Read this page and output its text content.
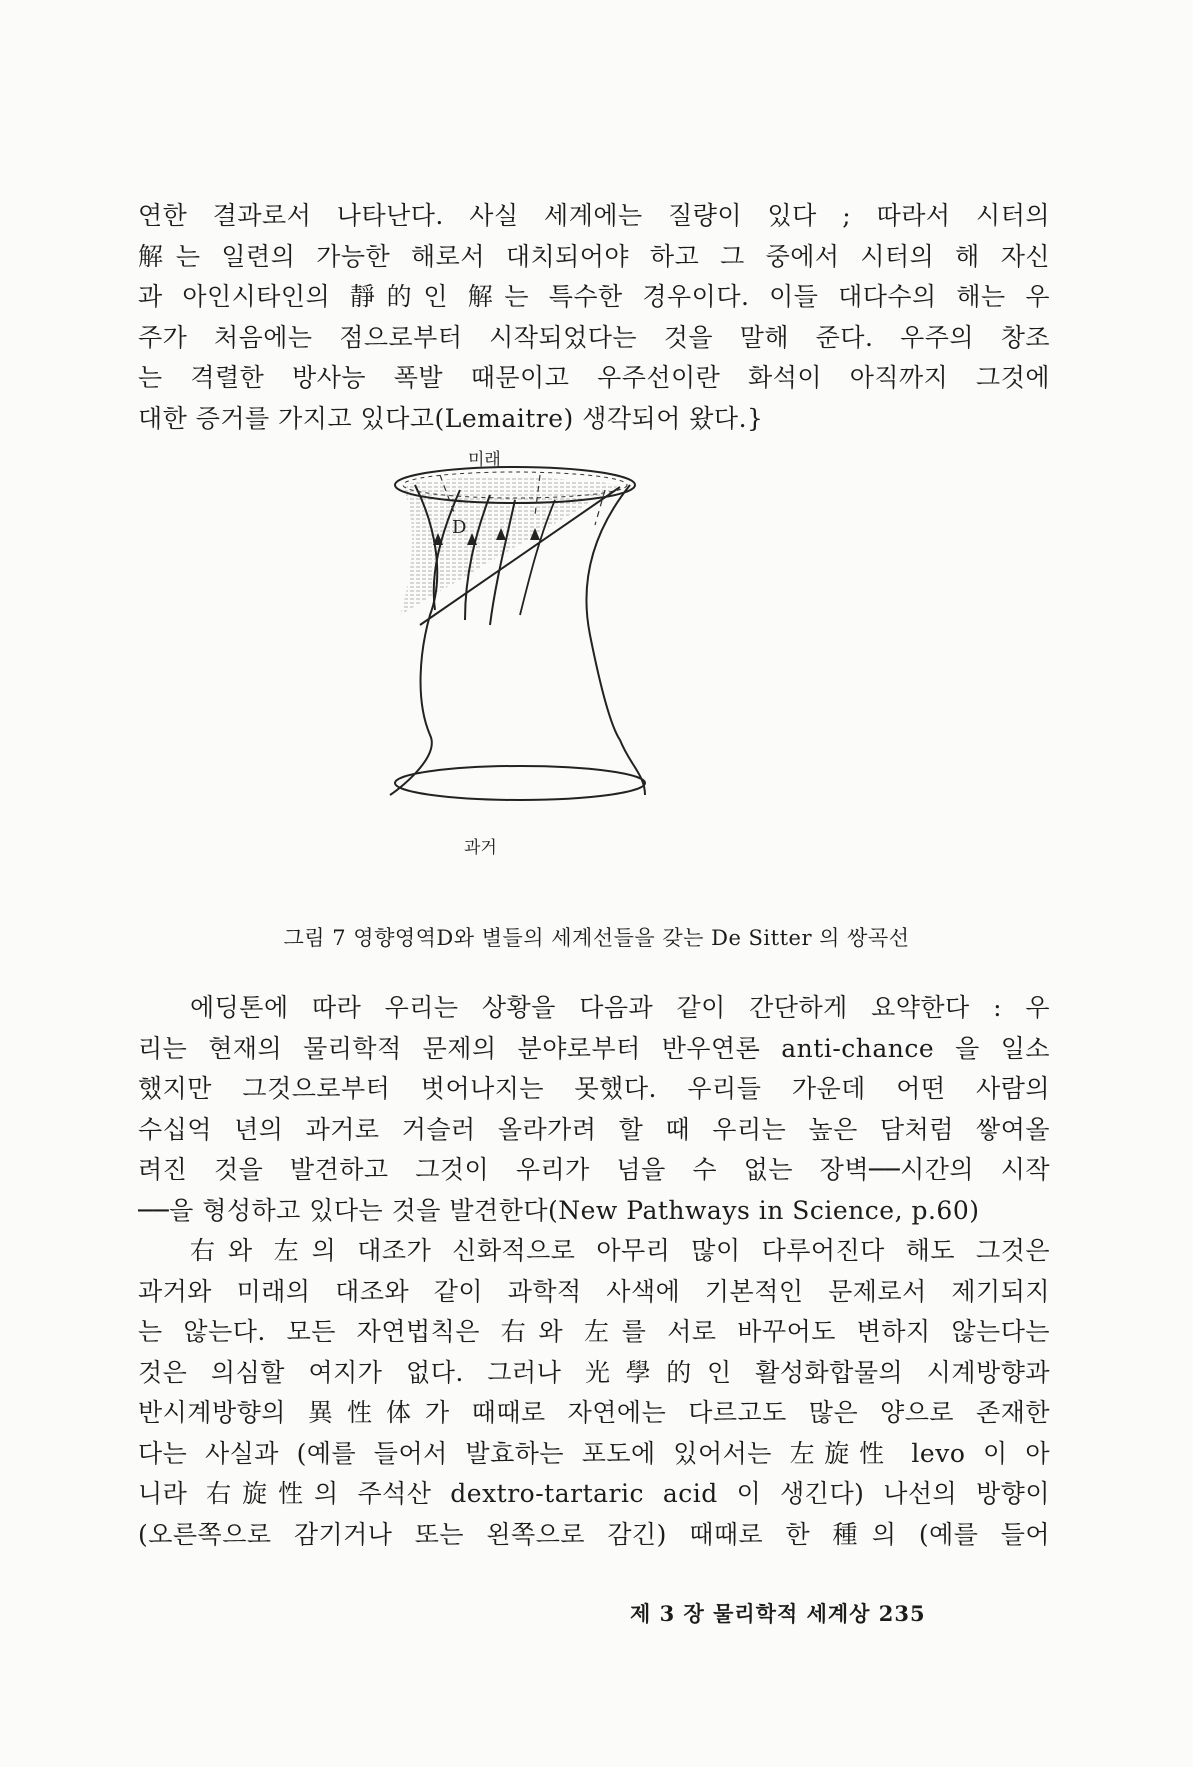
연한 결과로서 나타난다. 사실 세계에는 질량이 있다 ; 따라서 시터의
解는 일련의 가능한 해로서 대치되어야 하고 그 중에서 시터의 해 자신
과 아인시타인의 靜的인 解는 특수한 경우이다. 이들 대다수의 해는 우
주가 처음에는 점으로부터 시작되었다는 것을 말해 준다. 우주의 창조
는 격렬한 방사능 폭발 때문이고 우주선이란 화석이 아직까지 그것에
대한 증거를 가지고 있다고(Lemaitre) 생각되어 왔다.}
미래
D
과거
그림 7 영향영역D와 별들의 세계선들을 갖는 De Sitter 의 쌍곡선
에딩톤에 따라 우리는 상황을 다음과 같이 간단하게 요약한다 : 우
리는 현재의 물리학적 문제의 분야로부터 반우연론 anti-chance 을 일소
했지만 그것으로부터 벗어나지는 못했다. 우리들 가운데 어떤 사람의
수십억 년의 과거로 거슬러 올라가려 할 때 우리는 높은 담처럼 쌓여올
려진 것을 발견하고 그것이 우리가 넘을 수 없는 장벽──시간의 시작
──을 형성하고 있다는 것을 발견한다(New Pathways in Science, p.60)
右와 左의 대조가 신화적으로 아무리 많이 다루어진다 해도 그것은
과거와 미래의 대조와 같이 과학적 사색에 기본적인 문제로서 제기되지
는 않는다. 모든 자연법칙은 右와 左를 서로 바꾸어도 변하지 않는다는
것은 의심할 여지가 없다. 그러나 光學的인 활성화합물의 시계방향과
반시계방향의 異性体가 때때로 자연에는 다르고도 많은 양으로 존재한
다는 사실과 (예를 들어서 발효하는 포도에 있어서는 左旋性 levo 이 아
니라 右旋性의 주석산 dextro-tartaric acid 이 생긴다) 나선의 방향이
(오른쪽으로 감기거나 또는 왼쪽으로 감긴) 때때로 한 種의 (예를 들어
제 3 장 물리학적 세계상 235
